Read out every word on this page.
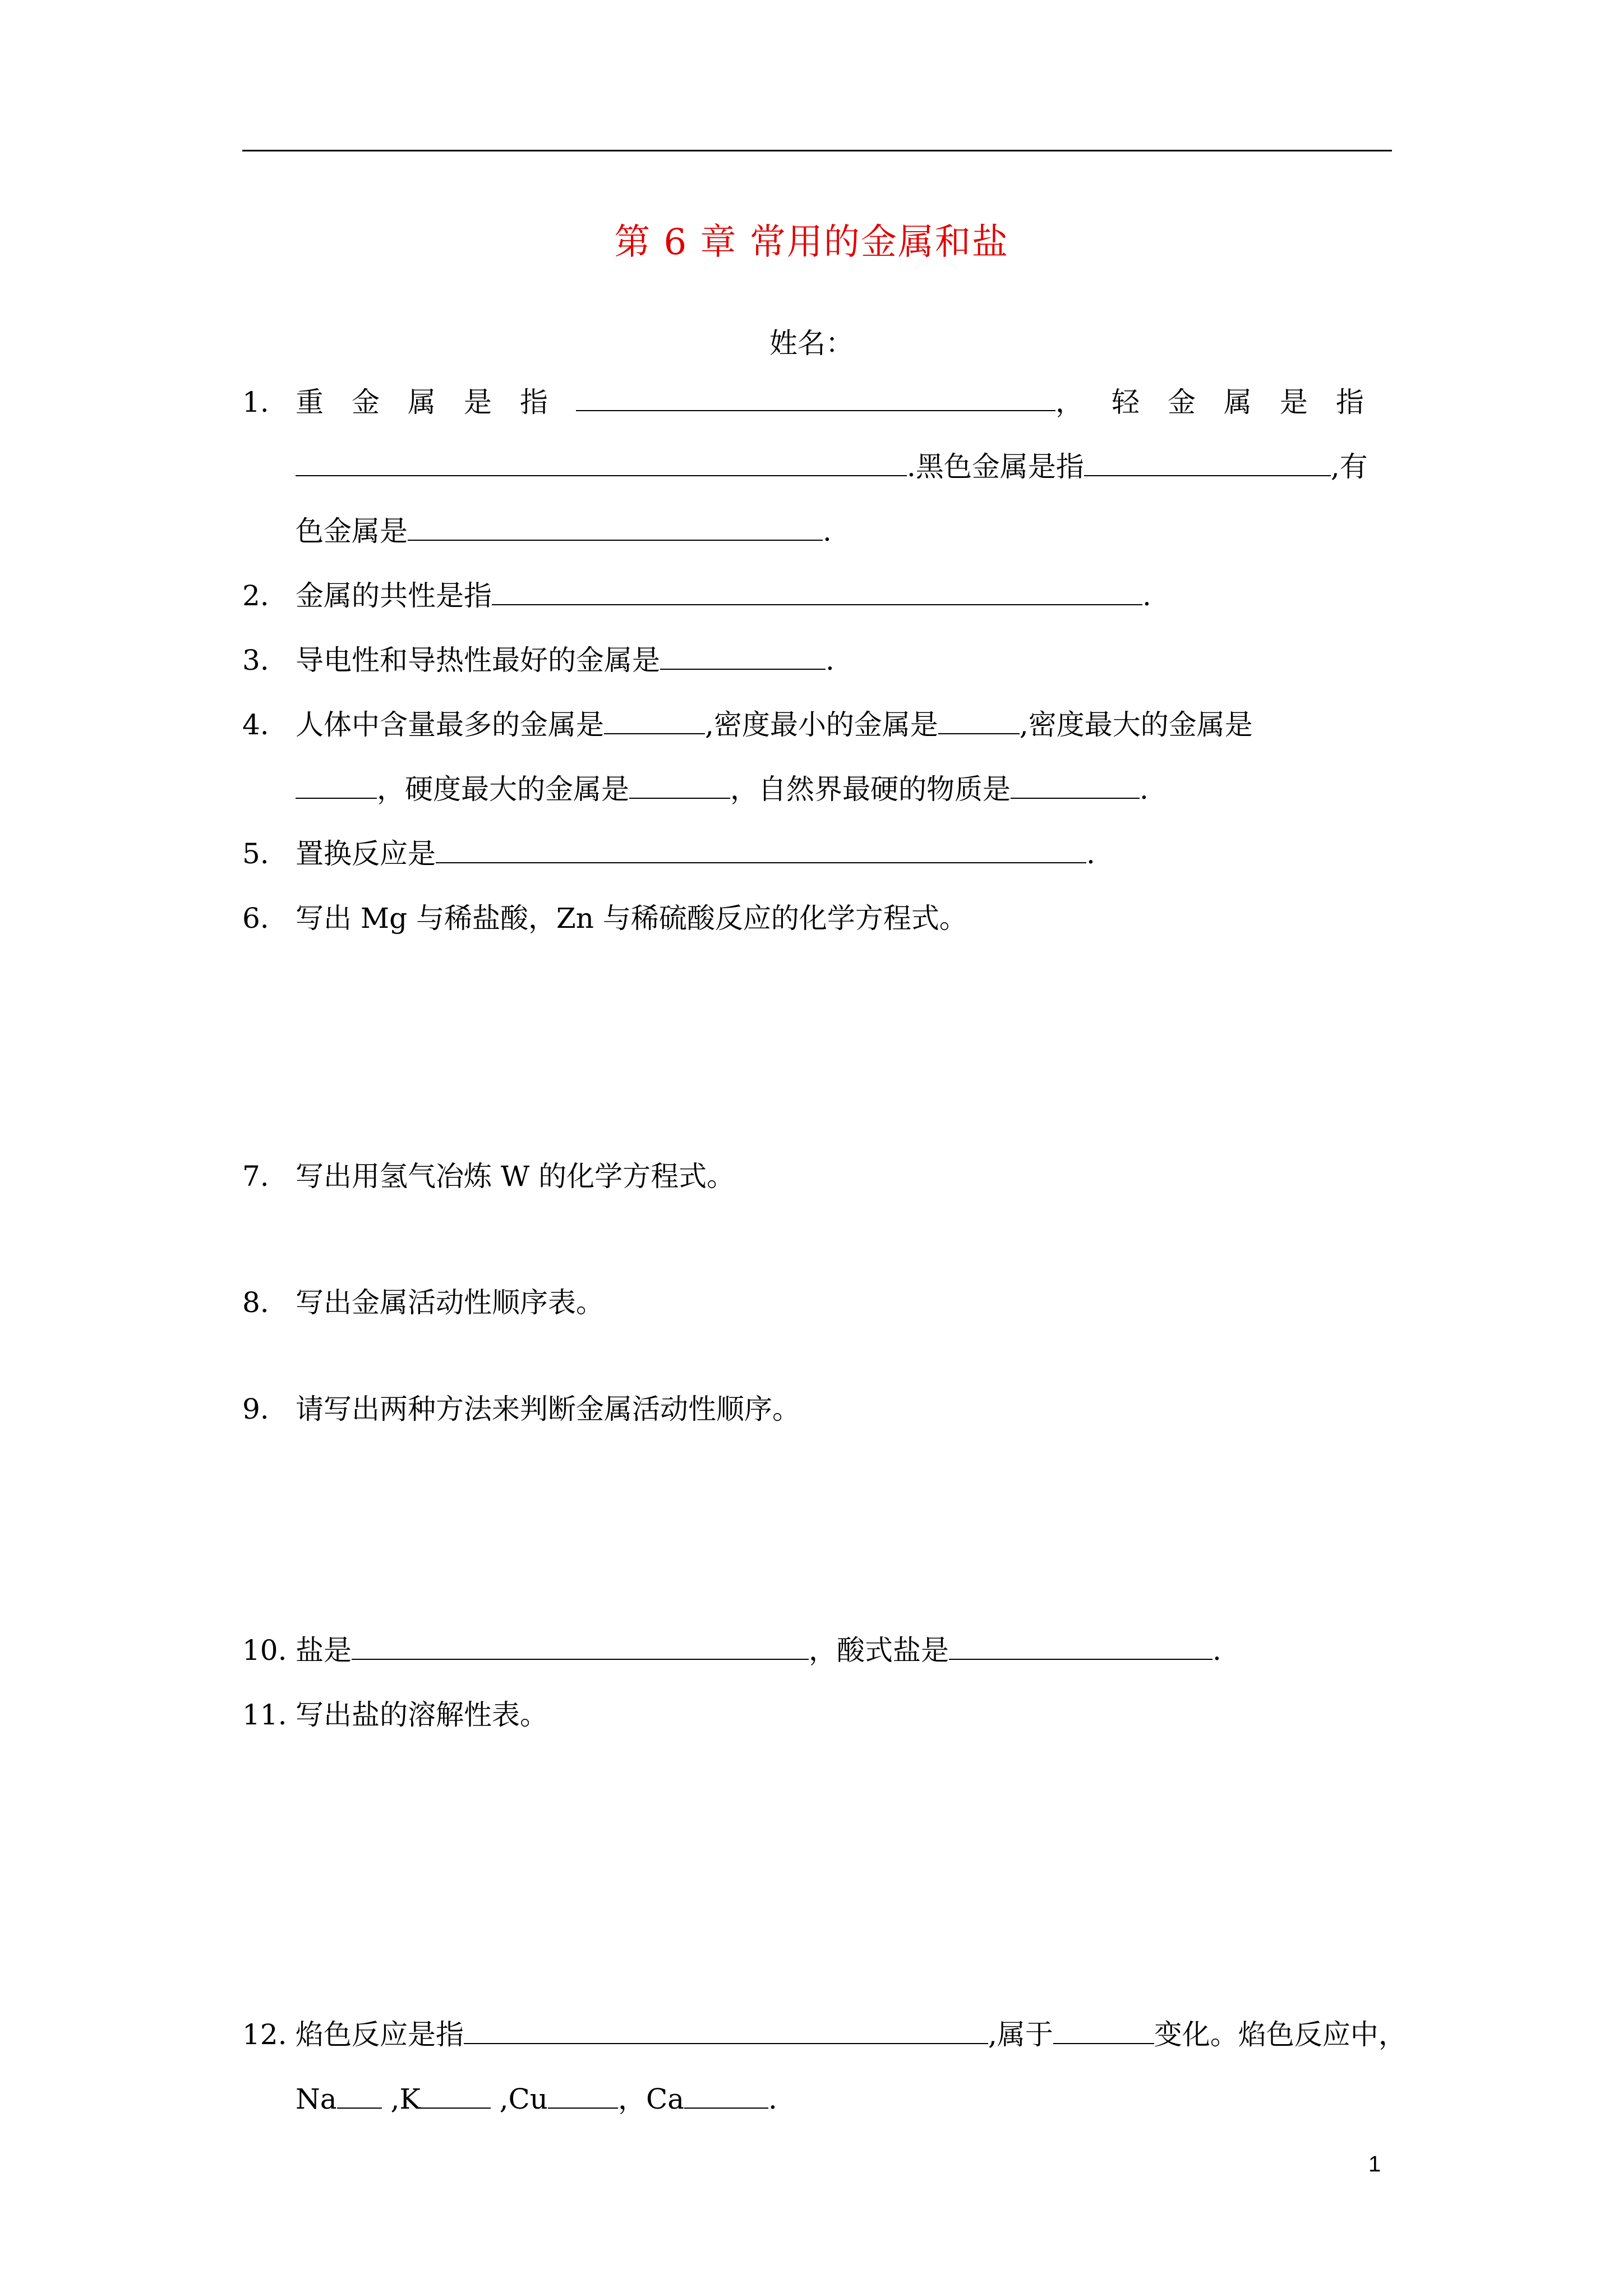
第 6 章 常用的金属和盐
姓名：
1. 重金属是指	，轻金属是指
.黑色金属是指	,有
色金属是	.
2. 金属的共性是指	.
3. 导电性和导热性最好的金属是	.
4. 人体中含量最多的金属是	,密度最小的金属是	,密度最大的金属是
，硬度最大的金属是	，自然界最硬的物质是	.
5. 置换反应是	.
6. 写出 Mg 与稀盐酸，Zn 与稀硫酸反应的化学方程式。
7. 写出用氢气冶炼 W 的化学方程式。
8. 写出金属活动性顺序表。
9. 请写出两种方法来判断金属活动性顺序。
10. 盐是	，酸式盐是	.
11. 写出盐的溶解性表。
12. 焰色反应是指	,属于	变化。焰色反应中，
Na ,K	,Cu	，Ca	.
1
